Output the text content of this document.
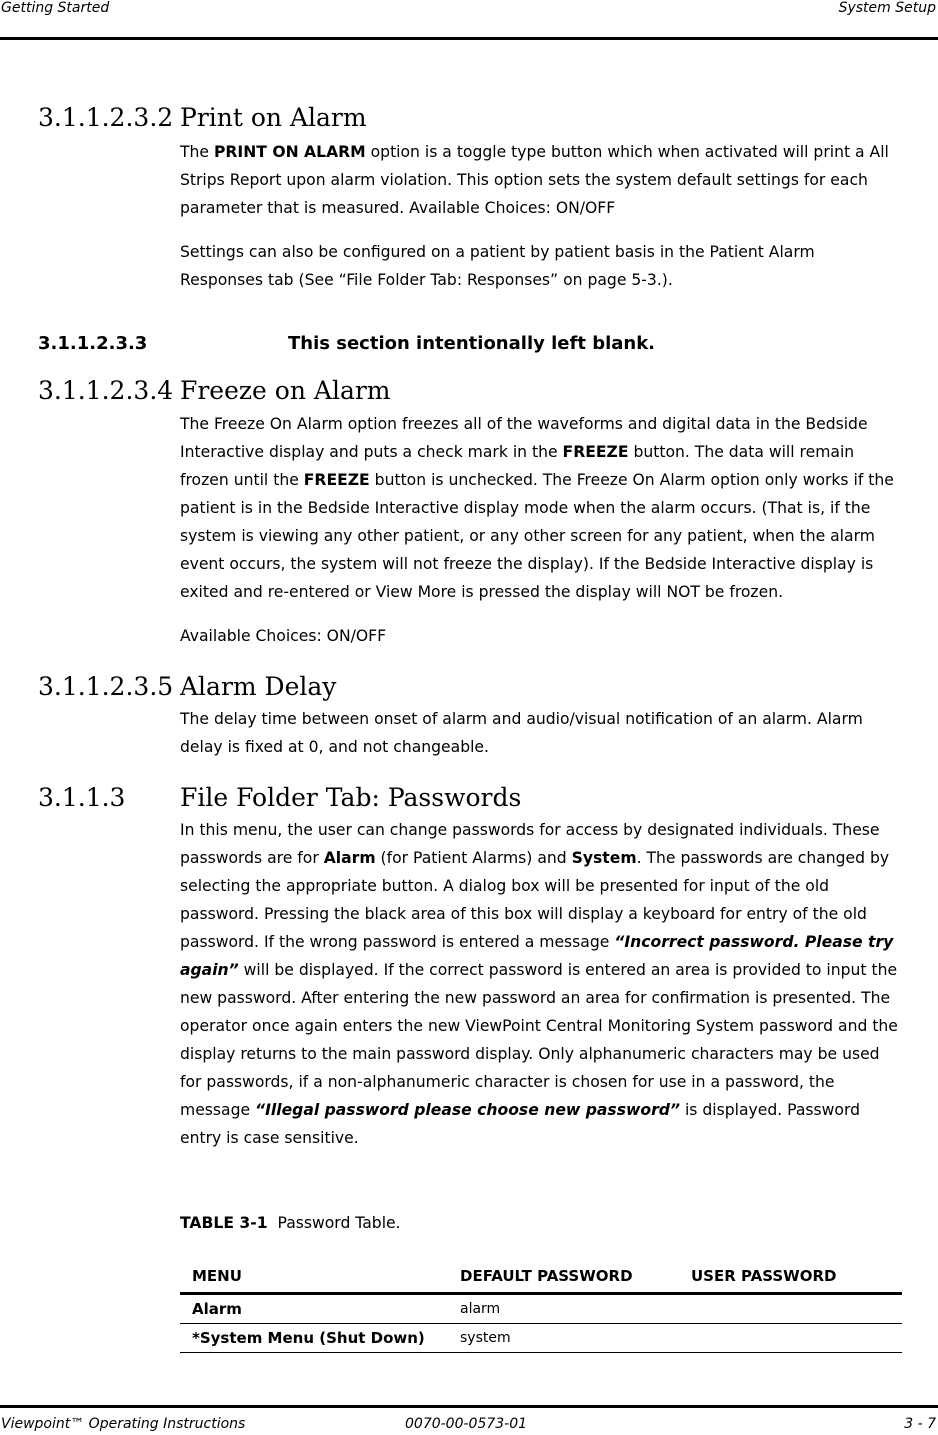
Getting Started	System Setup
3.1.1.2.3.2 Print on Alarm
The PRINT ON ALARM option is a toggle type button which when activated will print a All Strips Report upon alarm violation. This option sets the system default settings for each parameter that is measured. Available Choices: ON/OFF
Settings can also be configured on a patient by patient basis in the Patient Alarm Responses tab (See “File Folder Tab: Responses” on page 5-3.).
3.1.1.2.3.3	This section intentionally left blank.
3.1.1.2.3.4 Freeze on Alarm
The Freeze On Alarm option freezes all of the waveforms and digital data in the Bedside Interactive display and puts a check mark in the FREEZE button. The data will remain frozen until the FREEZE button is unchecked. The Freeze On Alarm option only works if the patient is in the Bedside Interactive display mode when the alarm occurs. (That is, if the system is viewing any other patient, or any other screen for any patient, when the alarm event occurs, the system will not freeze the display). If the Bedside Interactive display is exited and re-entered or View More is pressed the display will NOT be frozen.
Available Choices: ON/OFF
3.1.1.2.3.5 Alarm Delay
The delay time between onset of alarm and audio/visual notification of an alarm. Alarm delay is fixed at 0, and not changeable.
3.1.1.3 File Folder Tab: Passwords
In this menu, the user can change passwords for access by designated individuals. These passwords are for Alarm (for Patient Alarms) and System. The passwords are changed by selecting the appropriate button. A dialog box will be presented for input of the old password. Pressing the black area of this box will display a keyboard for entry of the old password. If the wrong password is entered a message “Incorrect password. Please try again” will be displayed. If the correct password is entered an area is provided to input the new password. After entering the new password an area for confirmation is presented. The operator once again enters the new ViewPoint Central Monitoring System password and the display returns to the main password display. Only alphanumeric characters may be used for passwords, if a non-alphanumeric character is chosen for use in a password, the message “Illegal password please choose new password” is displayed. Password entry is case sensitive.
TABLE 3-1 Password Table.
MENU	DEFAULT PASSWORD	USER PASSWORD
Alarm	alarm	
*System Menu (Shut Down)	system	
Viewpoint™ Operating Instructions	0070-00-0573-01	3 - 7
